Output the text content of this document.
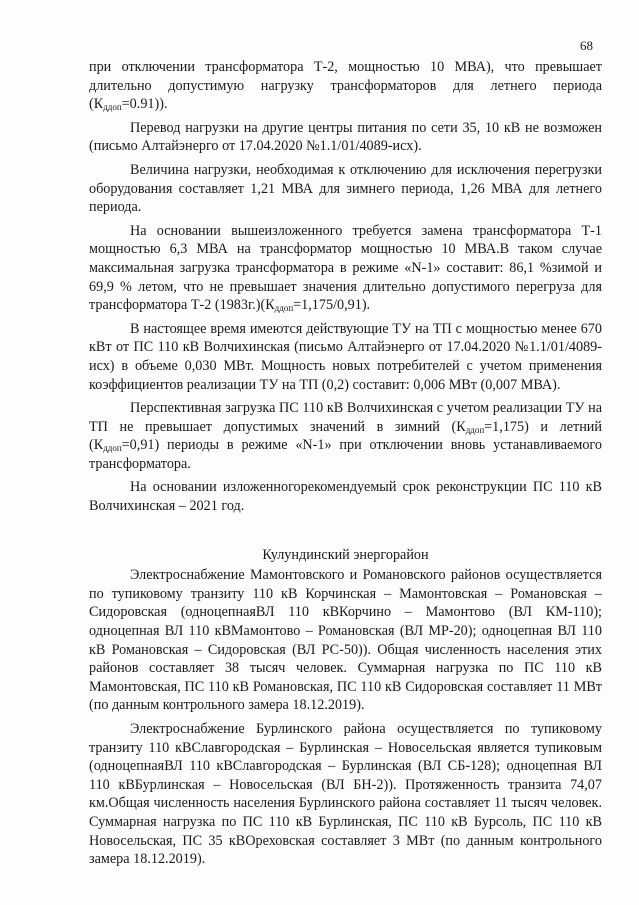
68

при отключении трансформатора Т-2, мощностью 10 МВА), что превышает длительно допустимую нагрузку трансформаторов для летнего периода $(К_{ддоп}=0.91)$).

Перевод нагрузки на другие центры питания по сети 35, 10 кВ не возможен (письмо Алтайэнерго от 17.04.2020 №1.1/01/4089-исх).

Величина нагрузки, необходимая к отключению для исключения перегрузки оборудования составляет 1,21 МВА для зимнего периода, 1,26 МВА для летнего периода.

На основании вышеизложенного требуется замена трансформатора Т-1 мощностью 6,3 МВА на трансформатор мощностью 10 МВА.В таком случае максимальная загрузка трансформатора в режиме «N-1» составит: 86,1 %зимой и 69,9 % летом, что не превышает значения длительно допустимого перегруза для трансформатора Т-2 $(1983г.)(К_{ддоп}=1,175/0,91)$.

В настоящее время имеются действующие ТУ на ТП с мощностью менее 670 кВт от ПС 110 кВ Волчихинская (письмо Алтайэнерго от 17.04.2020 №1.1/01/4089-исх) в объеме 0,030 МВт. Мощность новых потребителей с учетом применения коэффициентов реализации ТУ на ТП (0,2) составит: 0,006 МВт (0,007 МВА).

Перспективная загрузка ПС 110 кВ Волчихинская с учетом реализации ТУ на ТП не превышает допустимых значений в зимний $(К_{ддоп}=1,175)$ и летний $(К_{ддоп}=0,91)$ периоды в режиме «N-1» при отключении вновь устанавливаемого трансформатора.

На основании изложенногорекомендуемый срок реконструкции ПС 110 кВ Волчихинская – 2021 год.

Кулундинский энергорайон

Электроснабжение Мамонтовского и Романовского районов осуществляется по тупиковому транзиту 110 кВ Корчинская – Мамонтовская – Романовская – Сидоровская (одноцепнаяВЛ 110 кВКорчино – Мамонтово (ВЛ КМ-110); одноцепная ВЛ 110 кВМамонтово – Романовская (ВЛ МР-20); одноцепная ВЛ 110 кВ Романовская – Сидоровская (ВЛ РС-50)). Общая численность населения этих районов составляет 38 тысяч человек. Суммарная нагрузка по ПС 110 кВ Мамонтовская, ПС 110 кВ Романовская, ПС 110 кВ Сидоровская составляет 11 МВт (по данным контрольного замера 18.12.2019).

Электроснабжение Бурлинского района осуществляется по тупиковому транзиту 110 кВСлавгородская – Бурлинская – Новосельская является тупиковым (одноцепнаяВЛ 110 кВСлавгородская – Бурлинская (ВЛ СБ-128); одноцепная ВЛ 110 кВБурлинская – Новосельская (ВЛ БН-2)). Протяженность транзита 74,07 км.Общая численность населения Бурлинского района составляет 11 тысяч человек. Суммарная нагрузка по ПС 110 кВ Бурлинская, ПС 110 кВ Бурсоль, ПС 110 кВ Новосельская, ПС 35 кВОреховская составляет 3 МВт (по данным контрольного замера 18.12.2019).
